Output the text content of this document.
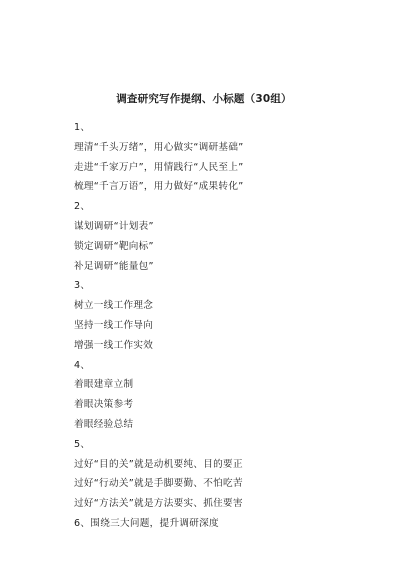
调查研究写作提纲、小标题（30组）
1、
理清“千头万绪”，用心做实“调研基础”
走进“千家万户”，用情践行“人民至上”
梳理“千言万语”，用力做好“成果转化”
2、
谋划调研“计划表”
锁定调研“靶向标”
补足调研“能量包”
3、
树立一线工作理念
坚持一线工作导向
增强一线工作实效
4、
着眼建章立制
着眼决策参考
着眼经验总结
5、
过好“目的关”就是动机要纯、目的要正
过好“行动关”就是手脚要勤、不怕吃苦
过好“方法关”就是方法要实、抓住要害
6、围绕三大问题，提升调研深度
